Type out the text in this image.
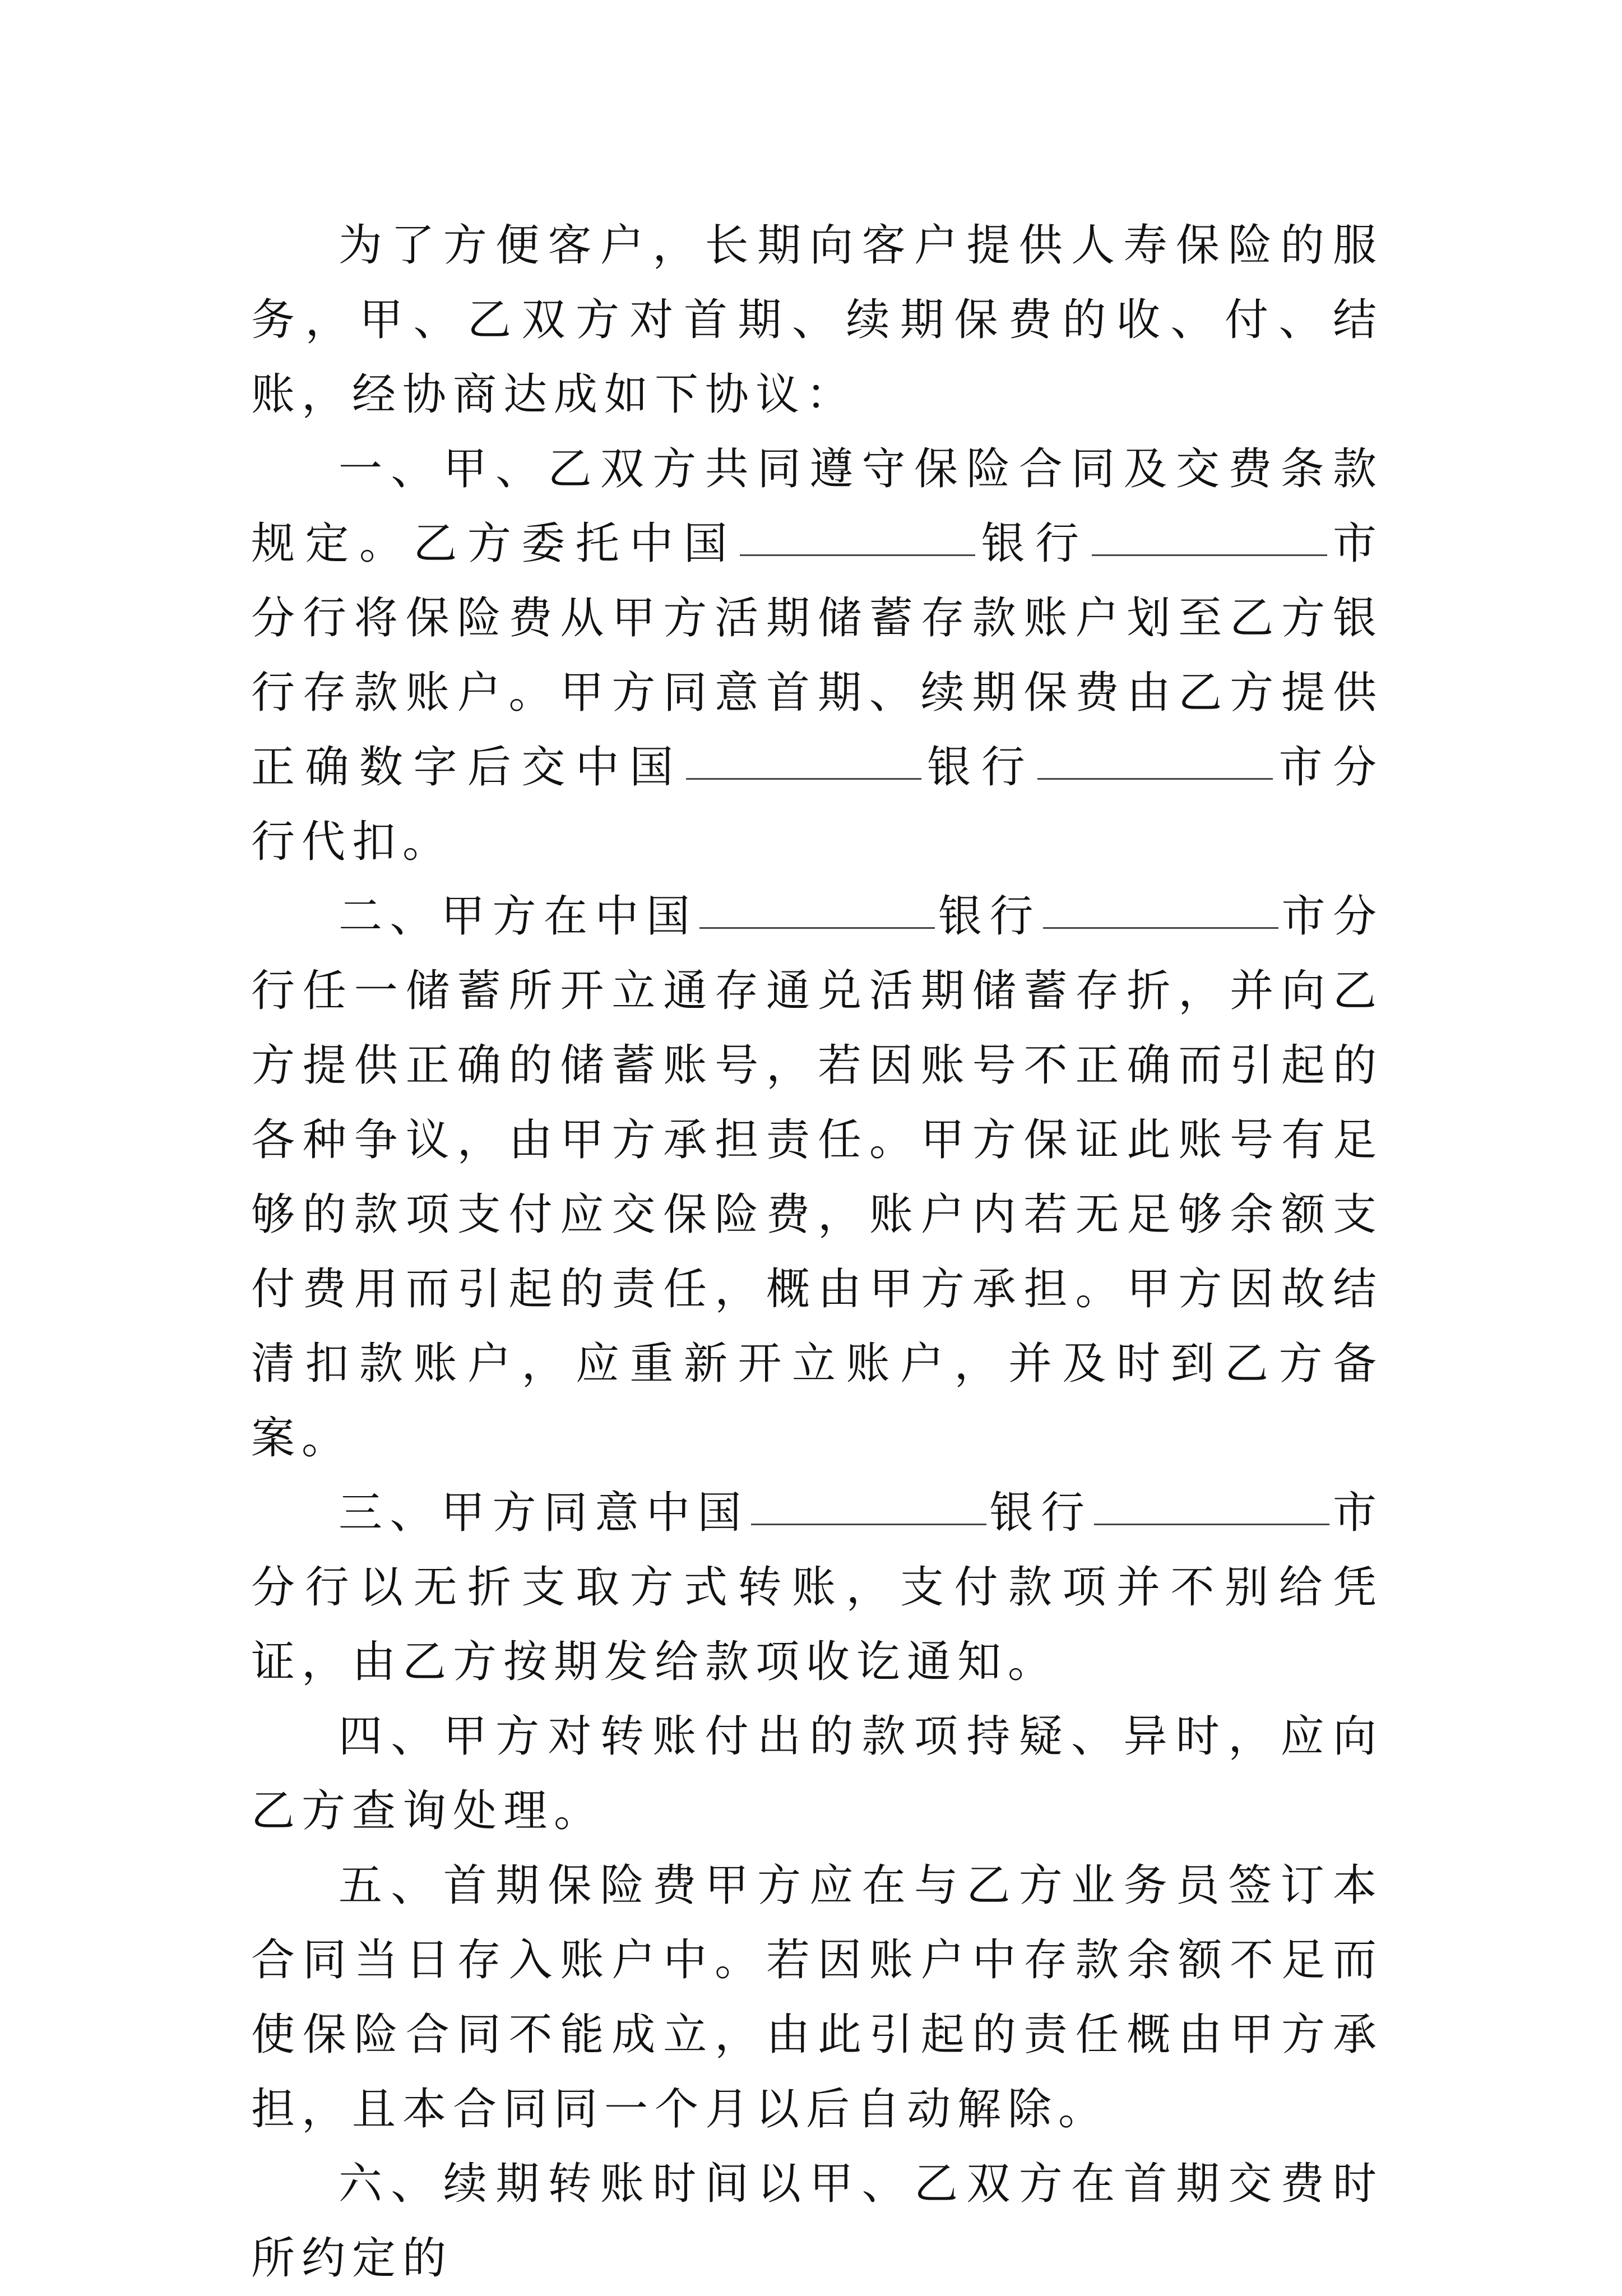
为了方便客户，长期向客户提供人寿保险的服务，甲、乙双方对首期、续期保费的收、付、结账，经协商达成如下协议：

一、甲、乙双方共同遵守保险合同及交费条款规定。乙方委托中国	银行	市分行将保险费从甲方活期储蓄存款账户划至乙方银行存款账户。甲方同意首期、续期保费由乙方提供正确数字后交中国	银行	市分行代扣。

二、甲方在中国	银行	市分行任一储蓄所开立通存通兑活期储蓄存折，并向乙方提供正确的储蓄账号，若因账号不正确而引起的各种争议，由甲方承担责任。甲方保证此账号有足够的款项支付应交保险费，账户内若无足够余额支付费用而引起的责任，概由甲方承担。甲方因故结清扣款账户，应重新开立账户，并及时到乙方备案。

三、甲方同意中国	银行	市分行以无折支取方式转账，支付款项并不别给凭证，由乙方按期发给款项收讫通知。

四、甲方对转账付出的款项持疑、异时，应向乙方查询处理。

五、首期保险费甲方应在与乙方业务员签订本合同当日存入账户中。若因账户中存款余额不足而使保险合同不能成立，由此引起的责任概由甲方承担，且本合同同一个月以后自动解除。

六、续期转账时间以甲、乙双方在首期交费时所约定的
